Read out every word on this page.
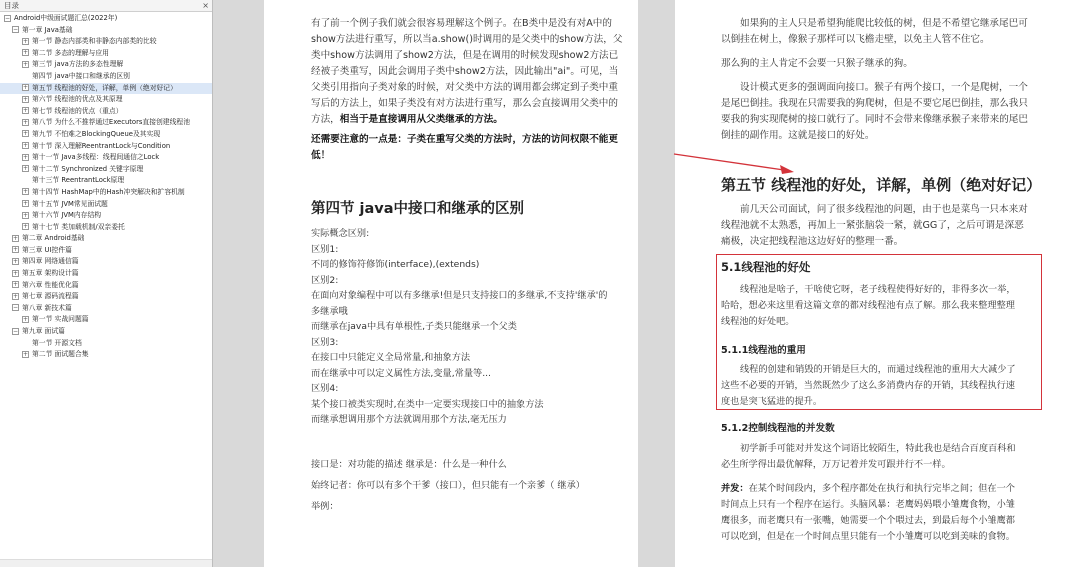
目录	×
− Android中级面试题汇总(2022年)
− 第一章 Java基础
+ 第一节 静态内部类和非静态内部类的比较
+ 第二节 多态的理解与应用
+ 第三节 java方法的多态性理解
第四节 java中接口和继承的区别
+ 第五节 线程池的好处，详解，单例（绝对好记）
+ 第六节 线程池的优点及其原理
+ 第七节 线程池的优点（重点）
+ 第八节 为什么不推荐通过Executors直接创建线程池
+ 第九节 不怕难之BlockingQueue及其实现
+ 第十节 深入理解ReentrantLock与Condition
+ 第十一节 Java多线程：线程间通信之Lock
+ 第十二节 Synchronized 关键字原理
第十三节 ReentrantLock原理
+ 第十四节 HashMap中的Hash冲突解决和扩容机制
+ 第十五节 JVM常见面试题
+ 第十六节 JVM内存结构
+ 第十七节 类加载机制/双亲委托
+ 第二章 Android基础
+ 第三章 UI控件篇
+ 第四章 网络通信篇
+ 第五章 架构设计篇
+ 第六章 性能优化篇
+ 第七章 源码流程篇
− 第八章 新技术篇
+ 第一节 实战问题篇
− 第九章 面试篇
第一节 开源文档
+ 第二节 面试题合集
有了前一个例子我们就会很容易理解这个例子。在B类中是没有对A中的
show方法进行重写，所以当a.show()时调用的是父类中的show方法，父
类中show方法调用了show2方法，但是在调用的时候发现show2方法已
经被子类重写，因此会调用子类中show2方法，因此输出"ai"。可见，当
父类引用指向子类对象的时候，对父类中方法的调用都会绑定到子类中重
写后的方法上，如果子类没有对方法进行重写，那么会直接调用父类中的
方法，相当于是直接调用从父类继承的方法。
还需要注意的一点是：子类在重写父类的方法时，方法的访问权限不能更
低！
第四节 java中接口和继承的区别
实际概念区别:
区别1:
不同的修饰符修饰(interface),(extends)
区别2:
在面向对象编程中可以有多继承!但是只支持接口的多继承,不支持'继承'的
多继承哦
而继承在java中具有单根性,子类只能继承一个父类
区别3:
在接口中只能定义全局常量,和抽象方法
而在继承中可以定义属性方法,变量,常量等...
区别4:
某个接口被类实现时,在类中一定要实现接口中的抽象方法
而继承想调用那个方法就调用那个方法,毫无压力
接口是：对功能的描述 继承是：什么是一种什么
始终记者：你可以有多个干爹（接口），但只能有一个亲爹（ 继承）
举例：
如果狗的主人只是希望狗能爬比较低的树，但是不希望它继承尾巴可
以倒挂在树上，像猴子那样可以飞檐走壁，以免主人管不住它。
那么狗的主人肯定不会要一只猴子继承的狗。
设计模式更多的强调面向接口。猴子有两个接口，一个是爬树，一个
是尾巴倒挂。我现在只需要我的狗爬树，但是不要它尾巴倒挂，那么我只
要我的狗实现爬树的接口就行了。同时不会带来像继承猴子来带来的尾巴
倒挂的副作用。这就是接口的好处。
第五节 线程池的好处，详解，单例（绝对好记）
前几天公司面试，问了很多线程池的问题，由于也是菜鸟一只本来对
线程池就不太熟悉，再加上一紧张脑袋一紧，就GG了，之后可谓是深恶
痛极，决定把线程池这边好好的整理一番。
5.1线程池的好处
线程池是啥子，干啥使它呀，老子线程使得好好的，非得多次一举，
哈哈，想必来这里看这篇文章的都对线程池有点了解。那么我来整理整理
线程池的好处吧。
5.1.1线程池的重用
线程的创建和销毁的开销是巨大的，而通过线程池的重用大大减少了
这些不必要的开销，当然既然少了这么多消费内存的开销，其线程执行速
度也是突飞猛进的提升。
5.1.2控制线程池的并发数
初学新手可能对并发这个词语比较陌生，特此我也是结合百度百科和
必生所学得出最优解释，万万记着并发可跟并行不一样。
并发：在某个时间段内，多个程序都处在执行和执行完毕之间；但在一个
时间点上只有一个程序在运行。头脑风暴：老鹰妈妈喂小雏鹰食物，小雏
鹰很多，而老鹰只有一张嘴，她需要一个个喂过去，到最后每个小雏鹰都
可以吃到，但是在一个时间点里只能有一个小雏鹰可以吃到美味的食物。
